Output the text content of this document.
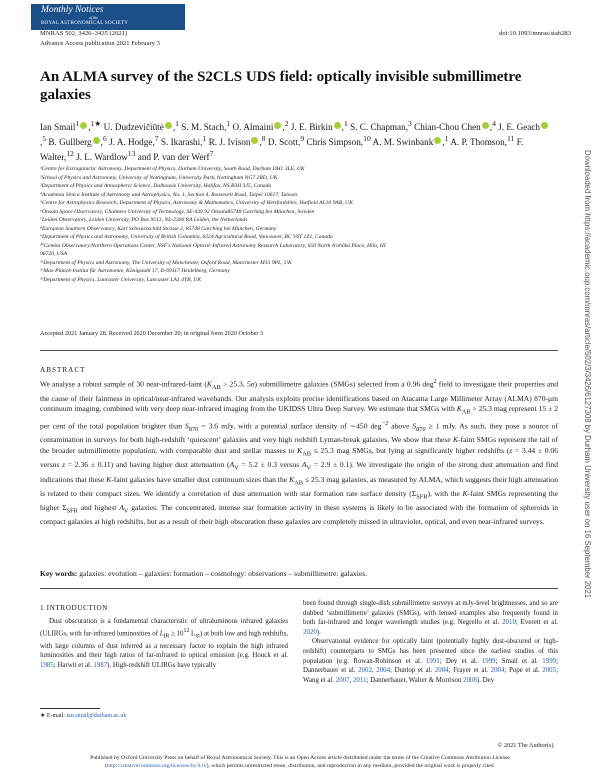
Monthly Notices
of the
ROYAL ASTRONOMICAL SOCIETY
MNRAS 502, 3426–3435 (2021)
Advance Access publication 2021 February 3
doi:10.1093/mnras/stab283
An ALMA survey of the S2CLS UDS field: optically invisible submillimetre galaxies
Ian Smail$^1$ ,$^{1★}$ U. Dudzevičiūtė ,$^1$ S. M. Stach,$^1$ O. Almaini ,$^2$ J. E. Birkin ,$^1$ S. C. Chapman,$^3$ Chian-Chou Chen ,$^4$ J. E. Geach,$^5$ B. Gullberg ,$^6$ J. A. Hodge,$^7$ S. Ikarashi,$^1$ R. J. Ivison ,$^8$ D. Scott,$^9$ Chris Simpson,$^{10}$ A. M. Swinbank ,$^1$ A. P. Thomson,$^{11}$ F. Walter,$^{12}$ J. L. Wardlow$^{13}$ and P. van der Werf$^7$
¹Centre for Extragalactic Astronomy, Department of Physics, Durham University, South Road, Durham DH1 3LE, UK
²School of Physics and Astronomy, University of Nottingham, University Park, Nottingham NG7 2RD, UK
³Department of Physics and Atmospheric Science, Dalhousie University, Halifax, NS B3H 3J5, Canada
⁴Academia Sinica Institute of Astronomy and Astrophysics, No. 1, Section 4, Roosevelt Road, Taipei 10617, Taiwan
⁵Centre for Astrophysics Research, Department of Physics, Astronomy & Mathematics, University of Hertfordshire, Hatfield AL10 9AB, UK
⁶Onsala Space Observatory, Chalmers University of Technology, SE-439 92 Onsala85748 Garching bei München, Sweden
⁷Leiden Observatory, Leiden University, PO Box 9513, NL-2300 RA Leiden, the Netherlands
⁸European Southern Observatory, Karl Schwarzschild Strasse 2, 85748 Garching bei München, Germany
⁹Department of Physics and Astronomy, University of British Columbia, 6224 Agricultural Road, Vancouver, BC V6T 1Z1, Canada
¹⁰Gemini Observatory/Northern Operations Center, NSF's National Optical–Infrared Astronomy Research Laboratory, 650 North A'ohōkū Place, Hilo, HI
96720, USA
¹¹Department of Physics and Astronomy, The University of Manchester, Oxford Road, Manchester M13 9PL, UK
¹²Max-Planck-Institut für Astronomie, Königstuhl 17, D-69117 Heidelberg, Germany
¹³Department of Physics, Lancaster University, Lancaster LA1 4YB, UK
Accepted 2021 January 28. Received 2020 December 20; in original form 2020 October 3
ABSTRACT
We analyse a robust sample of 30 near-infrared-faint ($K_{AB} > 25.3$, 5σ) submillimetre galaxies (SMGs) selected from a 0.96 deg$^2$ field to investigate their properties and the cause of their faintness in optical/near-infrared wavebands. Our analysis exploits precise identifications based on Atacama Large Millimeter Array (ALMA) 870-μm continuum imaging, combined with very deep near-infrared imaging from the UKIDSS Ultra Deep Survey. We estimate that SMGs with $K_{AB} > 25.3$ mag represent 15 ± 2 per cent of the total population brighter than $S_{870} = 3.6$ mJy, with a potential surface density of ∼450 deg$^{-2}$ above $S_{870} \ge 1$ mJy. As such, they pose a source of contamination in surveys for both high-redshift ‘quiescent’ galaxies and very high redshift Lyman-break galaxies. We show that these K-faint SMGs represent the tail of the broader submillimetre population, with comparable dust and stellar masses to $K_{AB} \le 25.3$ mag SMGs, but lying at significantly higher redshifts (z = 3.44 ± 0.06 versus z = 2.36 ± 0.11) and having higher dust attenuation ($A_V = 5.2 \pm 0.3$ versus $A_V = 2.9 \pm 0.1$). We investigate the origin of the strong dust attenuation and find indications that these K-faint galaxies have smaller dust continuum sizes than the $K_{AB} \le 25.3$ mag galaxies, as measured by ALMA, which suggests their high attenuation is related to their compact sizes. We identify a correlation of dust attenuation with star formation rate surface density $(\Sigma_{SFR})$, with the K-faint SMGs representing the higher $\Sigma_{SFR}$ and highest $A_V$ galaxies. The concentrated, intense star formation activity in these systems is likely to be associated with the formation of spheroids in compact galaxies at high redshifts, but as a result of their high obscuration these galaxies are completely missed in ultraviolet, optical, and even near-infrared surveys.
Key words: galaxies: evolution – galaxies: formation – cosmology: observations – submillimetre: galaxies.
1 INTRODUCTION
Dust obscuration is a fundamental characteristic of ultraluminous infrared galaxies (ULIRGs, with far-infrared luminosities of $L_{IR} \ge 10^{12}$ $L_⊙$) at both low and high redshifts, with large columns of dust inferred as a necessary factor to explain the high infrared luminosities and their high ratios of far-infrared to optical emission (e.g. Houck et al. 1985; Harwit et al. 1987). High-redshift ULIRGs have typically

been found through single-dish submillimetre surveys at mJy-level brightnesses, and so are dubbed ‘submillimetre’ galaxies (SMGs), with lensed examples also frequently found in both far-infrared and longer wavelength studies (e.g. Negrello et al. 2010; Everett et al. 2020).

Observational evidence for optically faint (potentially highly dust-obscured or high-redshift) counterparts to SMGs has been presented since the earliest studies of this population (e.g. Rowan-Robinson et al. 1991; Dey et al. 1999; Smail et al. 1999; Dannerbauer et al. 2002, 2004; Dunlop et al. 2004; Frayer et al. 2004; Pope et al. 2005; Wang et al. 2007, 2011; Dannerbauer, Walter & Morrison 2008). Dey

★ E-mail: ian.smail@durham.ac.uk
© 2021 The Author(s).
Published by Oxford University Press on behalf of Royal Astronomical Society. This is an Open Access article distributed under the terms of the Creative Commons Attribution License (http://creativecommons.org/licenses/by/4.0/), which permits unrestricted reuse, distribution, and reproduction in any medium, provided the original work is properly cited.
Downloaded from https://academic.oup.com/mnras/article/502/3/3426/6127308 by Durham University user on 16 September 2021
